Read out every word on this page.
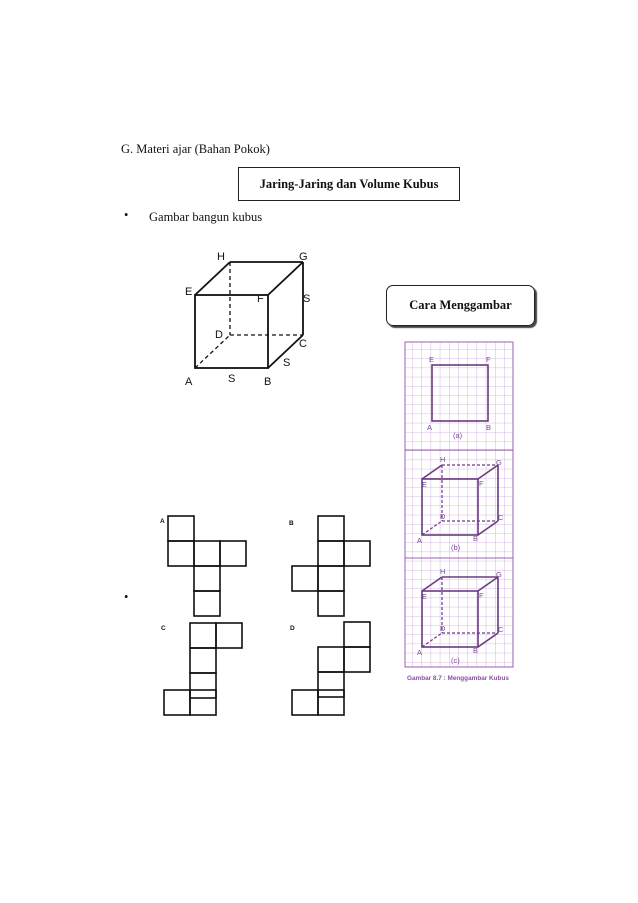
G. Materi ajar (Bahan Pokok)
Jaring-Jaring dan Volume Kubus
• Gambar bangun kubus
A	B
C
D
E
F
G
H
S
S
S	Cara Menggambar
E	F
A	B
(a)
H	G
E	F
D	C
A	B
(b)
H	G
E	F
D	C
A	B
(c)
Gambar 8.7 : Menggambar Kubus
A	B
C	D
•
